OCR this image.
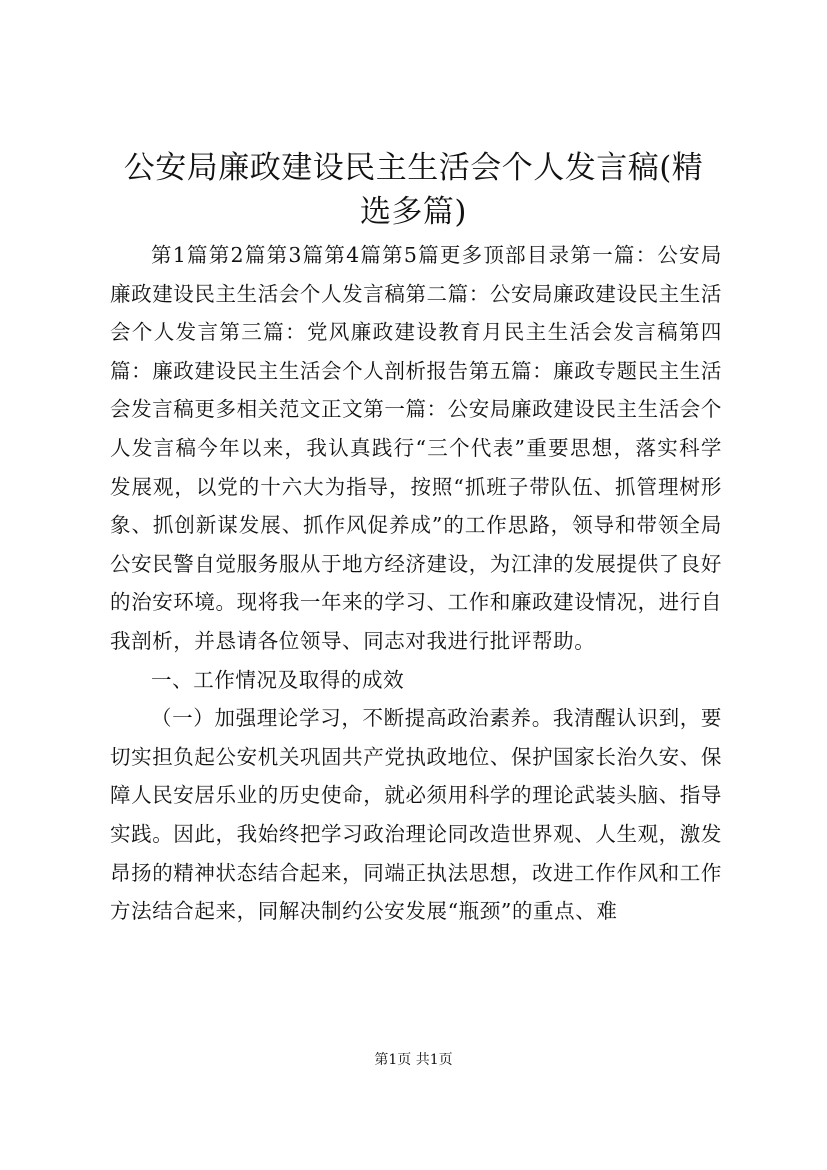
公安局廉政建设民主生活会个人发言稿(精选多篇)

第1篇第2篇第3篇第4篇第5篇更多顶部目录第一篇：公安局廉政建设民主生活会个人发言稿第二篇：公安局廉政建设民主生活会个人发言第三篇：党风廉政建设教育月民主生活会发言稿第四篇：廉政建设民主生活会个人剖析报告第五篇：廉政专题民主生活会发言稿更多相关范文正文第一篇：公安局廉政建设民主生活会个人发言稿今年以来，我认真践行“三个代表”重要思想，落实科学发展观，以党的十六大为指导，按照“抓班子带队伍、抓管理树形象、抓创新谋发展、抓作风促养成”的工作思路，领导和带领全局公安民警自觉服务服从于地方经济建设，为江津的发展提供了良好的治安环境。现将我一年来的学习、工作和廉政建设情况，进行自我剖析，并恳请各位领导、同志对我进行批评帮助。

一、工作情况及取得的成效

（一）加强理论学习，不断提高政治素养。我清醒认识到，要切实担负起公安机关巩固共产党执政地位、保护国家长治久安、保障人民安居乐业的历史使命，就必须用科学的理论武装头脑、指导实践。因此，我始终把学习政治理论同改造世界观、人生观，激发昂扬的精神状态结合起来，同端正执法思想，改进工作作风和工作方法结合起来，同解决制约公安发展“瓶颈”的重点、难

第1页 共1页
